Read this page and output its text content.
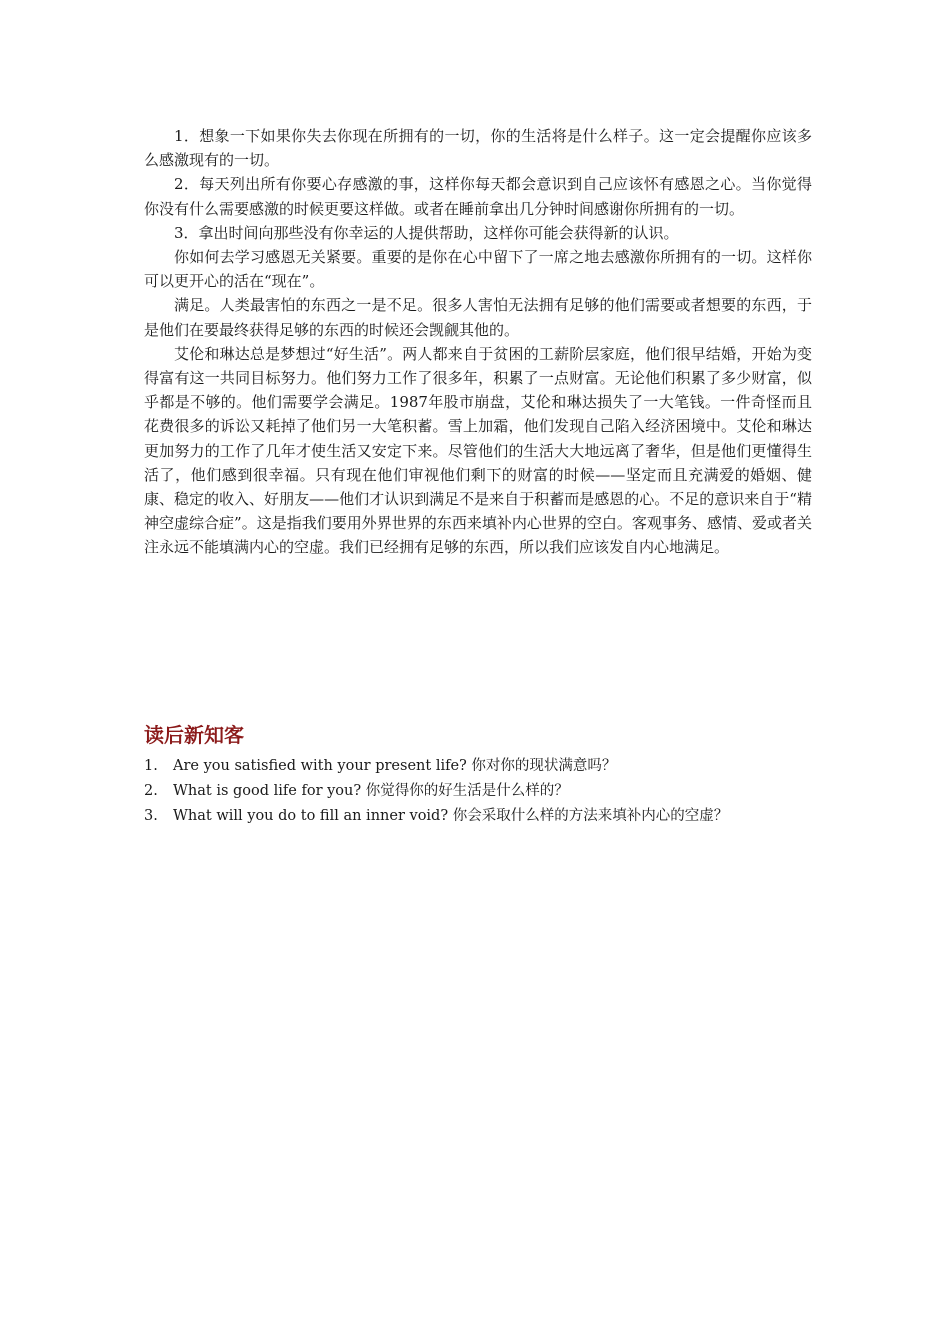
1．想象一下如果你失去你现在所拥有的一切，你的生活将是什么样子。这一定会提醒你应该多么感激现有的一切。

2．每天列出所有你要心存感激的事，这样你每天都会意识到自己应该怀有感恩之心。当你觉得你没有什么需要感激的时候更要这样做。或者在睡前拿出几分钟时间感谢你所拥有的一切。

3．拿出时间向那些没有你幸运的人提供帮助，这样你可能会获得新的认识。

你如何去学习感恩无关紧要。重要的是你在心中留下了一席之地去感激你所拥有的一切。这样你可以更开心的活在“现在”。

满足。人类最害怕的东西之一是不足。很多人害怕无法拥有足够的他们需要或者想要的东西，于是他们在要最终获得足够的东西的时候还会觊觎其他的。

艾伦和琳达总是梦想过“好生活”。两人都来自于贫困的工薪阶层家庭，他们很早结婚，开始为变得富有这一共同目标努力。他们努力工作了很多年，积累了一点财富。无论他们积累了多少财富，似乎都是不够的。他们需要学会满足。1987年股市崩盘，艾伦和琳达损失了一大笔钱。一件奇怪而且花费很多的诉讼又耗掉了他们另一大笔积蓄。雪上加霜，他们发现自己陷入经济困境中。艾伦和琳达更加努力的工作了几年才使生活又安定下来。尽管他们的生活大大地远离了奢华，但是他们更懂得生活了，他们感到很幸福。只有现在他们审视他们剩下的财富的时候——坚定而且充满爱的婚姻、健康、稳定的收入、好朋友——他们才认识到满足不是来自于积蓄而是感恩的心。不足的意识来自于“精神空虚综合症”。这是指我们要用外界世界的东西来填补内心世界的空白。客观事务、感情、爱或者关注永远不能填满内心的空虚。我们已经拥有足够的东西，所以我们应该发自内心地满足。

读后新知客
1.	Are you satisfied with your present life? 你对你的现状满意吗？
2.	What is good life for you? 你觉得你的好生活是什么样的？
3.	What will you do to fill an inner void? 你会采取什么样的方法来填补内心的空虚？
